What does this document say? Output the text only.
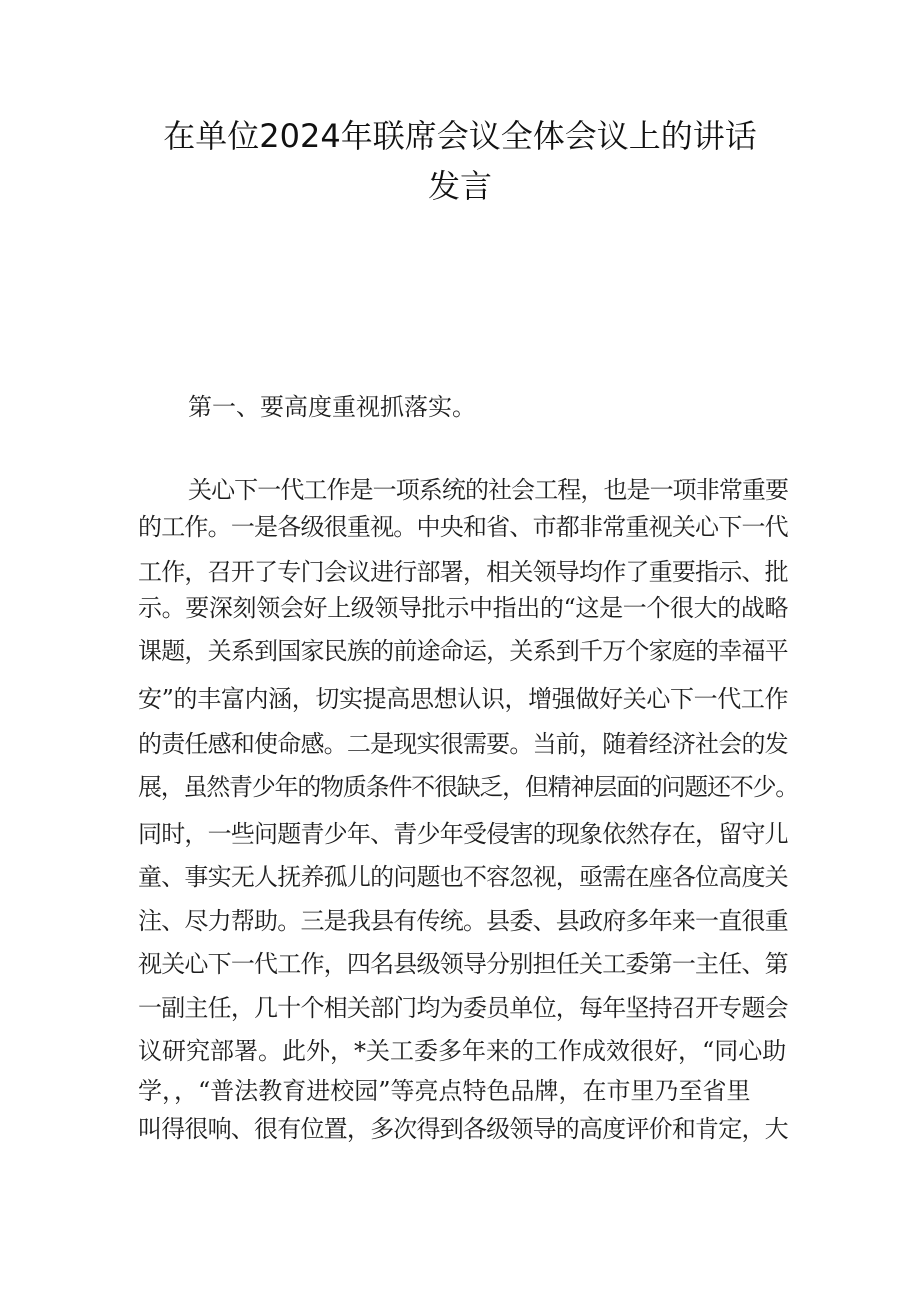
在单位2024年联席会议全体会议上的讲话
发言
第一、要高度重视抓落实。
关心下一代工作是一项系统的社会工程，也是一项非常重要
的工作。一是各级很重视。中央和省、市都非常重视关心下一代
工作，召开了专门会议进行部署，相关领导均作了重要指示、批
示。要深刻领会好上级领导批示中指出的“这是一个很大的战略
课题，关系到国家民族的前途命运，关系到千万个家庭的幸福平
安”的丰富内涵，切实提高思想认识，增强做好关心下一代工作
的责任感和使命感。二是现实很需要。当前，随着经济社会的发
展，虽然青少年的物质条件不很缺乏，但精神层面的问题还不少。
同时，一些问题青少年、青少年受侵害的现象依然存在，留守儿
童、事实无人抚养孤儿的问题也不容忽视，亟需在座各位高度关
注、尽力帮助。三是我县有传统。县委、县政府多年来一直很重
视关心下一代工作，四名县级领导分别担任关工委第一主任、第
一副主任，几十个相关部门均为委员单位，每年坚持召开专题会
议研究部署。此外，*关工委多年来的工作成效很好，“同心助
学，，“普法教育进校园”等亮点特色品牌，在市里乃至省里
叫得很响、很有位置，多次得到各级领导的高度评价和肯定，大
